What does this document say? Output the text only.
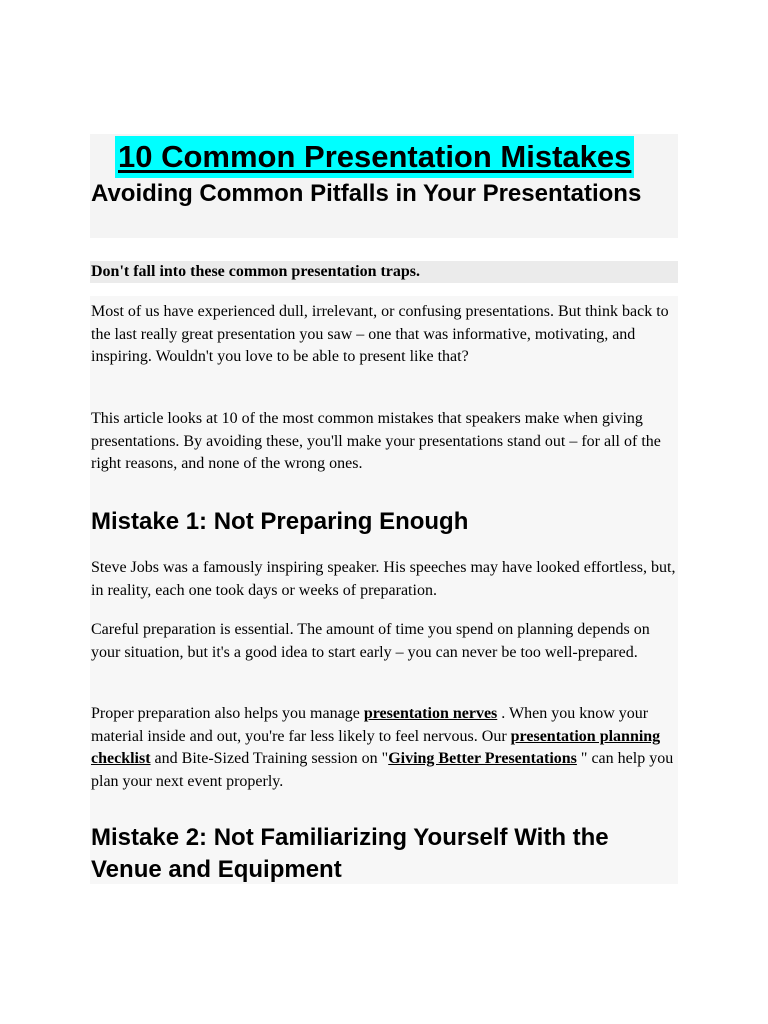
10 Common Presentation Mistakes
Avoiding Common Pitfalls in Your Presentations
Don't fall into these common presentation traps.

Most of us have experienced dull, irrelevant, or confusing presentations. But think back to the last really great presentation you saw – one that was informative, motivating, and inspiring. Wouldn't you love to be able to present like that?

This article looks at 10 of the most common mistakes that speakers make when giving presentations. By avoiding these, you'll make your presentations stand out – for all of the right reasons, and none of the wrong ones.

Mistake 1: Not Preparing Enough

Steve Jobs was a famously inspiring speaker. His speeches may have looked effortless, but, in reality, each one took days or weeks of preparation.

Careful preparation is essential. The amount of time you spend on planning depends on your situation, but it's a good idea to start early – you can never be too well-prepared.

Proper preparation also helps you manage presentation nerves . When you know your material inside and out, you're far less likely to feel nervous. Our presentation planning checklist and Bite-Sized Training session on "Giving Better Presentations " can help you plan your next event properly.

Mistake 2: Not Familiarizing Yourself With the Venue and Equipment
